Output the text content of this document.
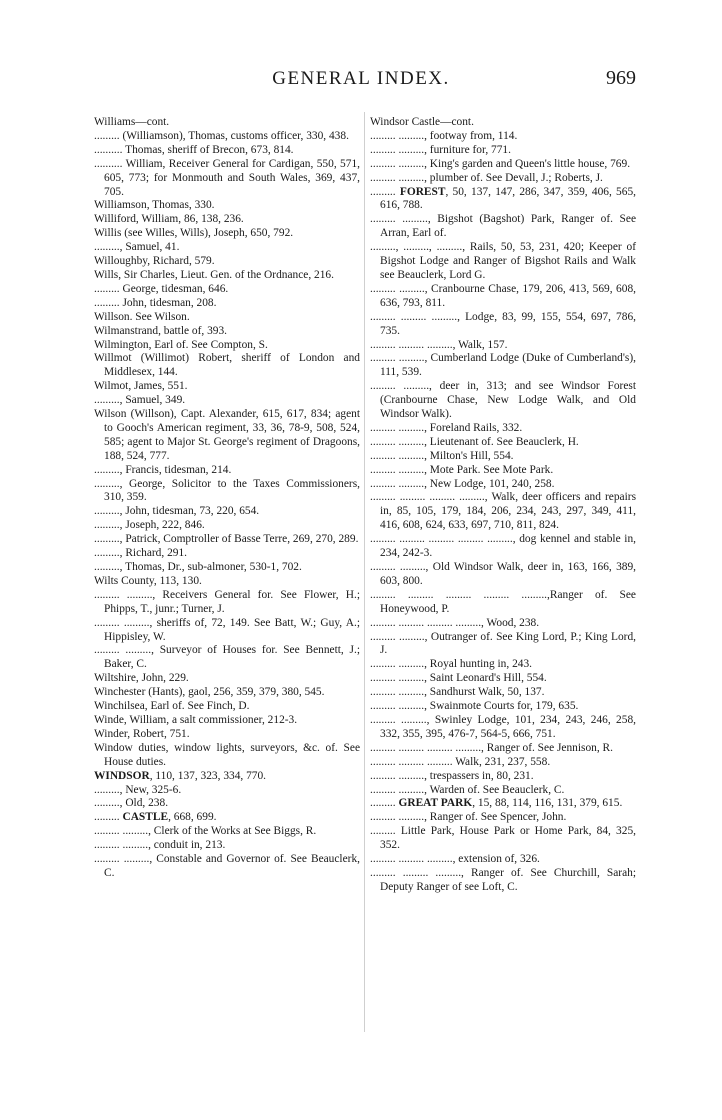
GENERAL INDEX.	969
Williams—cont.
......... (Williamson), Thomas, customs officer, 330, 438.
.......... Thomas, sheriff of Brecon, 673, 814.
.......... William, Receiver General for Cardigan, 550, 571, 605, 773; for Monmouth and South Wales, 369, 437, 705.
Williamson, Thomas, 330.
Williford, William, 86, 138, 236.
Willis (see Willes, Wills), Joseph, 650, 792.
........., Samuel, 41.
Willoughby, Richard, 579.
Wills, Sir Charles, Lieut. Gen. of the Ordnance, 216.
......... George, tidesman, 646.
......... John, tidesman, 208.
Willson. See Wilson.
Wilmanstrand, battle of, 393.
Wilmington, Earl of. See Compton, S.
Willmot (Willimot) Robert, sheriff of London and Middlesex, 144.
Wilmot, James, 551.
........., Samuel, 349.
Wilson (Willson), Capt. Alexander, 615, 617, 834; agent to Gooch's American regiment, 33, 36, 78-9, 508, 524, 585; agent to Major St. George's regiment of Dragoons, 188, 524, 777.
........., Francis, tidesman, 214.
........., George, Solicitor to the Taxes Commissioners, 310, 359.
........., John, tidesman, 73, 220, 654.
........., Joseph, 222, 846.
........., Patrick, Comptroller of Basse Terre, 269, 270, 289.
........., Richard, 291.
........., Thomas, Dr., sub-almoner, 530-1, 702.
Wilts County, 113, 130.
......... ........., Receivers General for. See Flower, H.; Phipps, T., junr.; Turner, J.
......... ........., sheriffs of, 72, 149. See Batt, W.; Guy, A.; Hippisley, W.
......... ........., Surveyor of Houses for. See Bennett, J.; Baker, C.
Wiltshire, John, 229.
Winchester (Hants), gaol, 256, 359, 379, 380, 545.
Winchilsea, Earl of. See Finch, D.
Winde, William, a salt commissioner, 212-3.
Winder, Robert, 751.
Window duties, window lights, surveyors, &c. of. See House duties.
WINDSOR, 110, 137, 323, 334, 770.
........., New, 325-6.
........., Old, 238.
......... CASTLE, 668, 699.
......... ........., Clerk of the Works at See Biggs, R.
......... ........., conduit in, 213.
......... ........., Constable and Governor of. See Beauclerk, C.
Windsor Castle—cont.
......... ........., footway from, 114.
......... ........., furniture for, 771.
......... ........., King's garden and Queen's little house, 769.
......... ........., plumber of. See Devall, J.; Roberts, J.
......... FOREST, 50, 137, 147, 286, 347, 359, 406, 565, 616, 788.
......... ........., Bigshot (Bagshot) Park, Ranger of. See Arran, Earl of.
........., ........., ........., Rails, 50, 53, 231, 420; Keeper of Bigshot Lodge and Ranger of Bigshot Rails and Walk see Beauclerk, Lord G.
......... ........., Cranbourne Chase, 179, 206, 413, 569, 608, 636, 793, 811.
......... ......... ........., Lodge, 83, 99, 155, 554, 697, 786, 735.
......... ......... ........., Walk, 157.
......... ........., Cumberland Lodge (Duke of Cumberland's), 111, 539.
......... ........., deer in, 313; and see Windsor Forest (Cranbourne Chase, New Lodge Walk, and Old Windsor Walk).
......... ........., Foreland Rails, 332.
......... ........., Lieutenant of. See Beauclerk, H.
......... ........., Milton's Hill, 554.
......... ........., Mote Park. See Mote Park.
......... ........., New Lodge, 101, 240, 258.
......... ......... ......... ........., Walk, deer officers and repairs in, 85, 105, 179, 184, 206, 234, 243, 297, 349, 411, 416, 608, 624, 633, 697, 710, 811, 824.
......... ......... ......... ......... ........., dog kennel and stable in, 234, 242-3.
......... ........., Old Windsor Walk, deer in, 163, 166, 389, 603, 800.
......... ......... ......... ......... .........,Ranger of. See Honeywood, P.
......... ......... ......... ........., Wood, 238.
......... ........., Outranger of. See King Lord, P.; King Lord, J.
......... ........., Royal hunting in, 243.
......... ........., Saint Leonard's Hill, 554.
......... ........., Sandhurst Walk, 50, 137.
......... ........., Swainmote Courts for, 179, 635.
......... ........., Swinley Lodge, 101, 234, 243, 246, 258, 332, 355, 395, 476-7, 564-5, 666, 751.
......... ......... ......... ........., Ranger of. See Jennison, R.
......... ......... ......... Walk, 231, 237, 558.
......... ........., trespassers in, 80, 231.
......... ........., Warden of. See Beauclerk, C.
......... GREAT PARK, 15, 88, 114, 116, 131, 379, 615.
......... ........., Ranger of. See Spencer, John.
......... Little Park, House Park or Home Park, 84, 325, 352.
......... ......... ........., extension of, 326.
......... ......... ........., Ranger of. See Churchill, Sarah; Deputy Ranger of see Loft, C.
